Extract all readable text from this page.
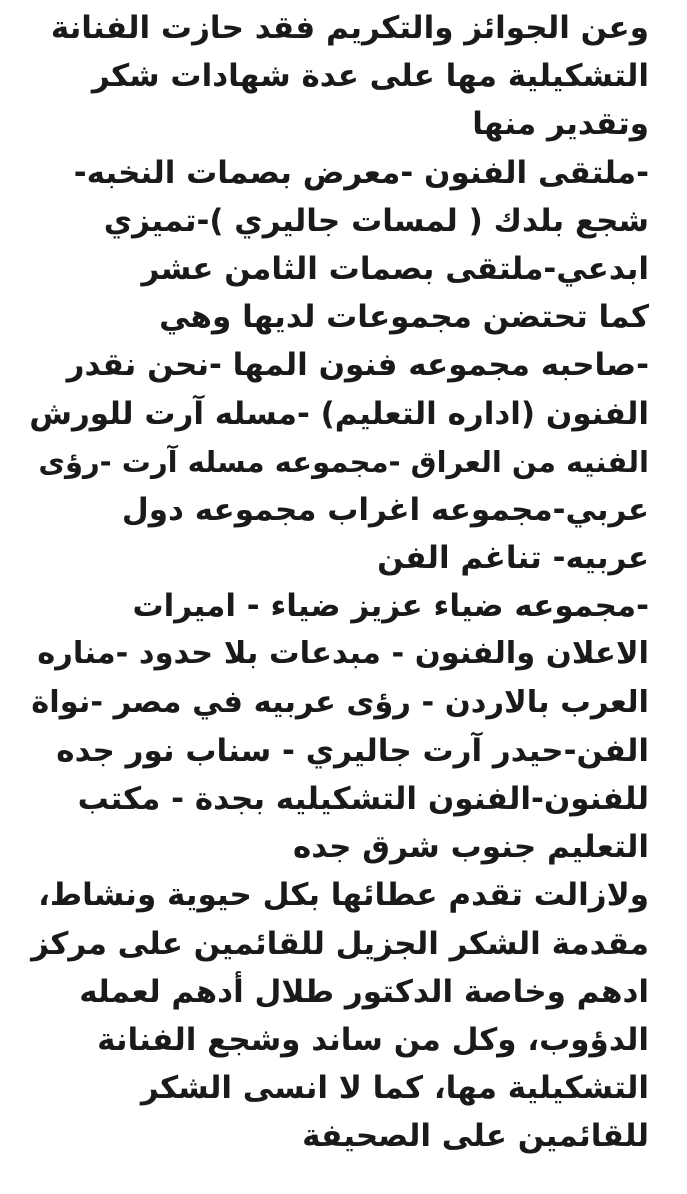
وعن الجوائز والتكريم فقد حازت الفنانة
التشكيلية مها على عدة شهادات شكر
وتقدير منها
-ملتقى الفنون -معرض بصمات النخبه-
شجع بلدك ( لمسات جاليري )-تميزي
ابدعي-ملتقى بصمات الثامن عشر
كما تحتضن مجموعات لديها وهي
-صاحبه مجموعه فنون المها -نحن نقدر
الفنون (اداره التعليم) -مسله آرت للورش
الفنيه من العراق -مجموعه مسله آرت -رؤى
عربي-مجموعه اغراب مجموعه دول
عربيه- تناغم الفن
-مجموعه ضياء عزيز ضياء - اميرات
الاعلان والفنون - مبدعات بلا حدود -مناره
العرب بالاردن - رؤى عربيه في مصر -نواة
الفن-حيدر آرت جاليري - سناب نور جده
للفنون-الفنون التشكيليه بجدة - مكتب
التعليم جنوب شرق جده
ولازالت تقدم عطائها بكل حيوية ونشاط،
مقدمة الشكر الجزيل للقائمين على مركز
ادهم وخاصة الدكتور طلال أدهم لعمله
الدؤوب، وكل من ساند وشجع الفنانة
التشكيلية مها، كما لا انسى الشكر
للقائمين على الصحيفة
